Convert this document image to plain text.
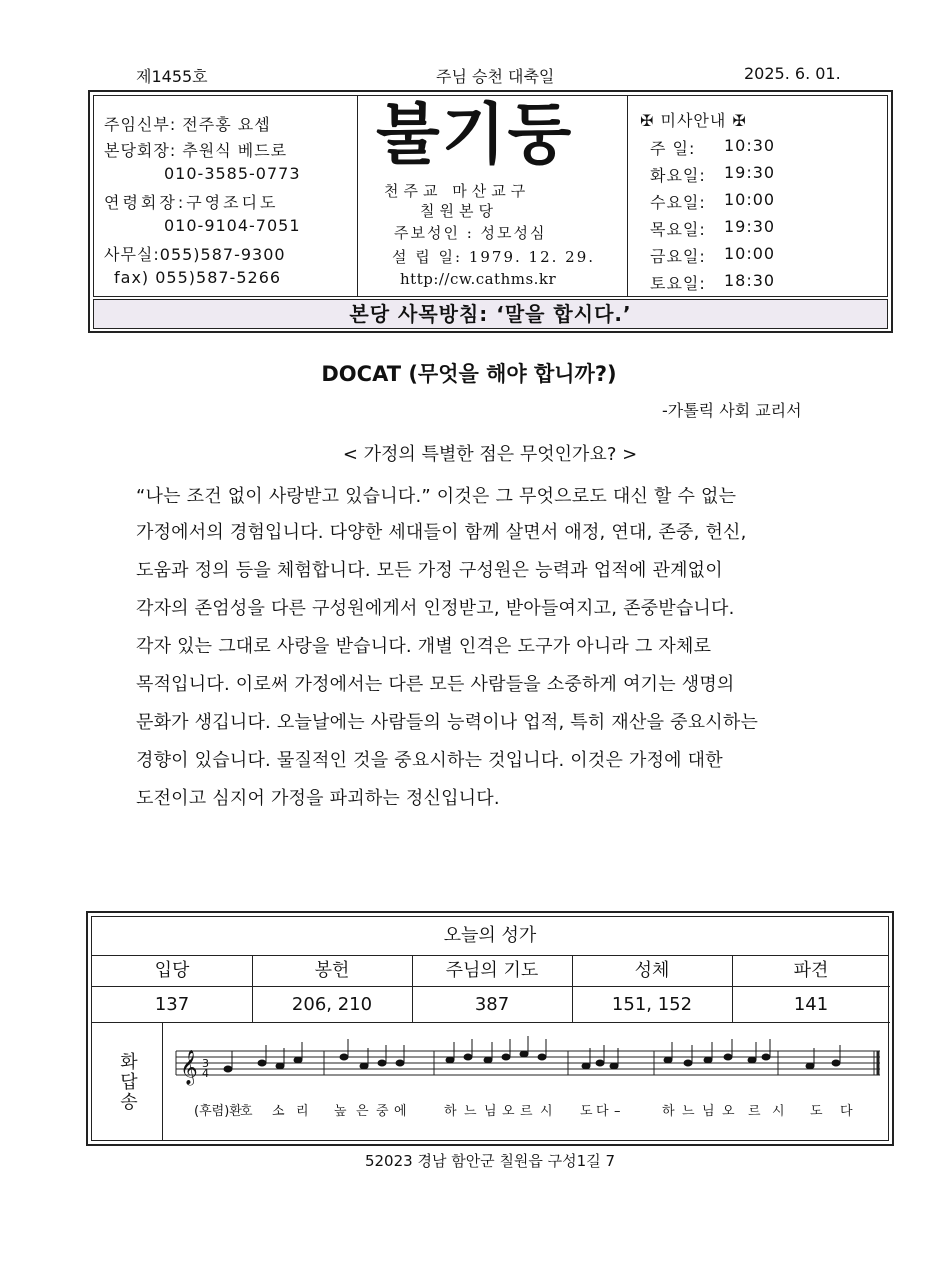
제1455호	주님 승천 대축일	2025. 6. 01.
주임신부: 전주홍 요셉
본당회장: 추원식 베드로
010-3585-0773
연령회장:구영조디도
010-9104-7051
사무실:055)587-9300
fax) 055)587-5266
불기둥
천주교 마산교구
칠원본당
주보성인 : 성모성심
설 립 일: 1979. 12. 29.
http://cw.cathms.kr
✠ 미사안내 ✠
주 일: 10:30
화요일: 19:30
수요일: 10:00
목요일: 19:30
금요일: 10:00
토요일: 18:30
본당 사목방침: ‘말을 합시다.’
DOCAT (무엇을 해야 합니까?)
-가톨릭 사회 교리서
< 가정의 특별한 점은 무엇인가요? >
“나는 조건 없이 사랑받고 있습니다.” 이것은 그 무엇으로도 대신 할 수 없는
가정에서의 경험입니다. 다양한 세대들이 함께 살면서 애정, 연대, 존중, 헌신,
도움과 정의 등을 체험합니다. 모든 가정 구성원은 능력과 업적에 관계없이
각자의 존엄성을 다른 구성원에게서 인정받고, 받아들여지고, 존중받습니다.
각자 있는 그대로 사랑을 받습니다. 개별 인격은 도구가 아니라 그 자체로
목적입니다. 이로써 가정에서는 다른 모든 사람들을 소중하게 여기는 생명의
문화가 생깁니다. 오늘날에는 사람들의 능력이나 업적, 특히 재산을 중요시하는
경향이 있습니다. 물질적인 것을 중요시하는 것입니다. 이것은 가정에 대한
도전이고 심지어 가정을 파괴하는 정신입니다.
오늘의 성가
입당	봉헌	주님의 기도	성체	파견
137	206, 210	387	151, 152	141
화답송 𝄞 3
4
(후렴)환
호 소 리 높 은 중 에	하 느 님 오 르 시 도 다 –	하 느 님 오 르 시 도 다
52023 경남 함안군 칠원읍 구성1길 7
